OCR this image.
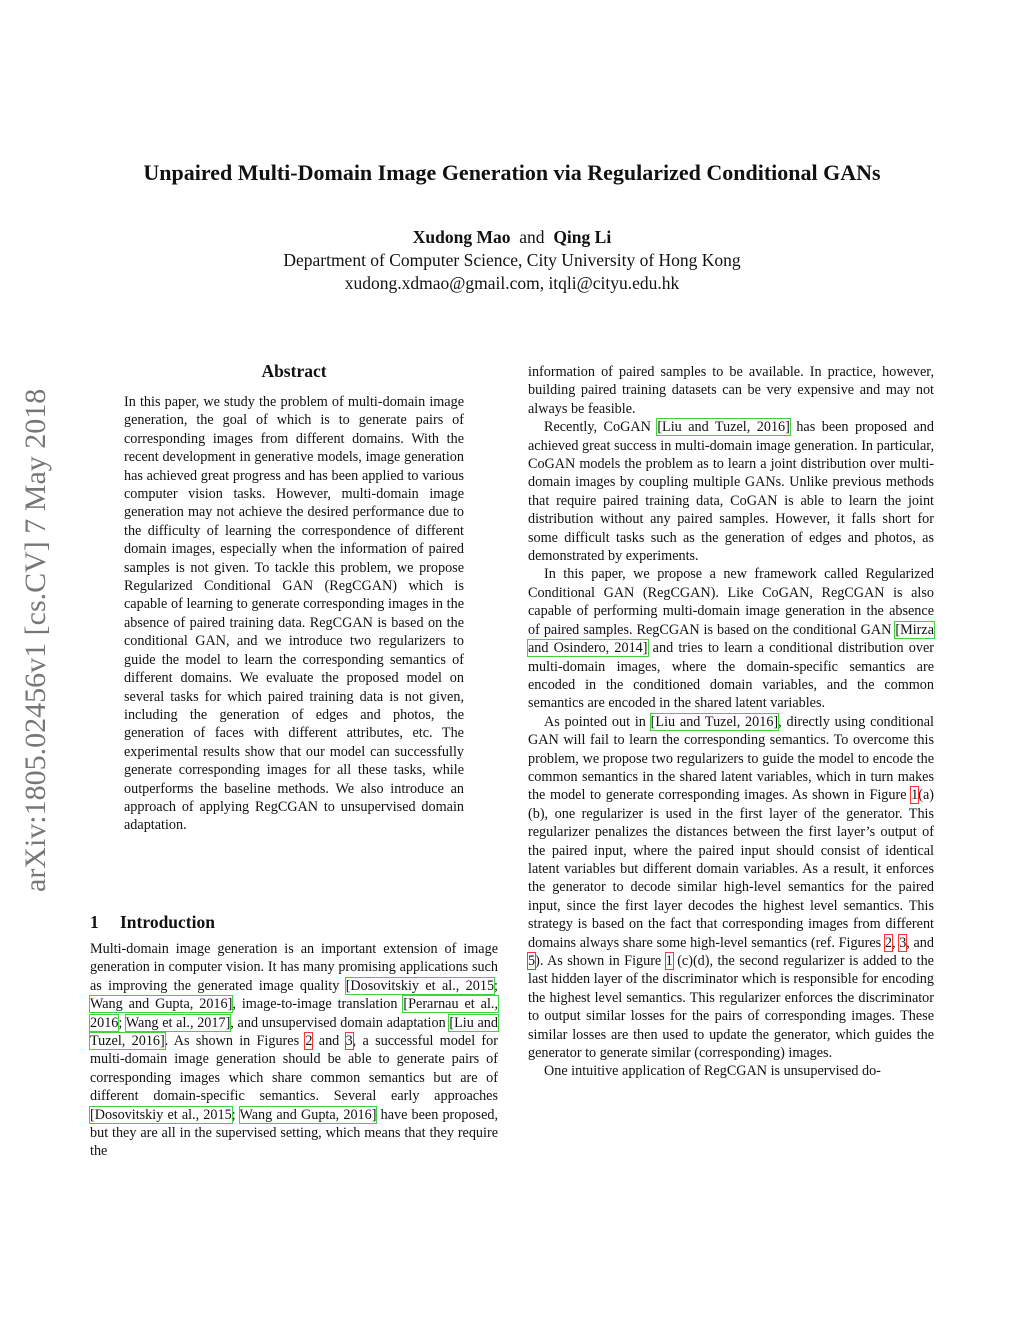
Unpaired Multi-Domain Image Generation via Regularized Conditional GANs
Xudong Mao and Qing Li
Department of Computer Science, City University of Hong Kong
xudong.xdmao@gmail.com, itqli@cityu.edu.hk
arXiv:1805.02456v1 [cs.CV] 7 May 2018
Abstract
In this paper, we study the problem of multi-domain image generation, the goal of which is to generate pairs of corresponding images from different domains. With the recent development in generative models, image generation has achieved great progress and has been applied to various computer vision tasks. However, multi-domain image generation may not achieve the desired performance due to the difficulty of learning the correspondence of different domain images, especially when the information of paired samples is not given. To tackle this problem, we propose Regularized Conditional GAN (RegCGAN) which is capable of learning to generate corresponding images in the absence of paired training data. RegCGAN is based on the conditional GAN, and we introduce two regularizers to guide the model to learn the corresponding semantics of different domains. We evaluate the proposed model on several tasks for which paired training data is not given, including the generation of edges and photos, the generation of faces with different attributes, etc. The experimental results show that our model can successfully generate corresponding images for all these tasks, while outperforms the baseline methods. We also introduce an approach of applying RegCGAN to unsupervised domain adaptation.
1 Introduction
Multi-domain image generation is an important extension of image generation in computer vision. It has many promising applications such as improving the generated image quality [Dosovitskiy et al., 2015; Wang and Gupta, 2016], image-to-image translation [Perarnau et al., 2016; Wang et al., 2017], and unsupervised domain adaptation [Liu and Tuzel, 2016]. As shown in Figures 2 and 3, a successful model for multi-domain image generation should be able to generate pairs of corresponding images which share common semantics but are of different domain-specific semantics. Several early approaches [Dosovitskiy et al., 2015; Wang and Gupta, 2016] have been proposed, but they are all in the supervised setting, which means that they require the

information of paired samples to be available. In practice, however, building paired training datasets can be very expensive and may not always be feasible.

Recently, CoGAN [Liu and Tuzel, 2016] has been proposed and achieved great success in multi-domain image generation. In particular, CoGAN models the problem as to learn a joint distribution over multi-domain images by coupling multiple GANs. Unlike previous methods that require paired training data, CoGAN is able to learn the joint distribution without any paired samples. However, it falls short for some difficult tasks such as the generation of edges and photos, as demonstrated by experiments.

In this paper, we propose a new framework called Regularized Conditional GAN (RegCGAN). Like CoGAN, RegCGAN is also capable of performing multi-domain image generation in the absence of paired samples. RegCGAN is based on the conditional GAN [Mirza and Osindero, 2014] and tries to learn a conditional distribution over multi-domain images, where the domain-specific semantics are encoded in the conditioned domain variables, and the common semantics are encoded in the shared latent variables.

As pointed out in [Liu and Tuzel, 2016], directly using conditional GAN will fail to learn the corresponding semantics. To overcome this problem, we propose two regularizers to guide the model to encode the common semantics in the shared latent variables, which in turn makes the model to generate corresponding images. As shown in Figure 1(a)(b), one regularizer is used in the first layer of the generator. This regularizer penalizes the distances between the first layer’s output of the paired input, where the paired input should consist of identical latent variables but different domain variables. As a result, it enforces the generator to decode similar high-level semantics for the paired input, since the first layer decodes the highest level semantics. This strategy is based on the fact that corresponding images from different domains always share some high-level semantics (ref. Figures 2, 3, and 5). As shown in Figure 1 (c)(d), the second regularizer is added to the last hidden layer of the discriminator which is responsible for encoding the highest level semantics. This regularizer enforces the discriminator to output similar losses for the pairs of corresponding images. These similar losses are then used to update the generator, which guides the generator to generate similar (corresponding) images.

One intuitive application of RegCGAN is unsupervised do-
